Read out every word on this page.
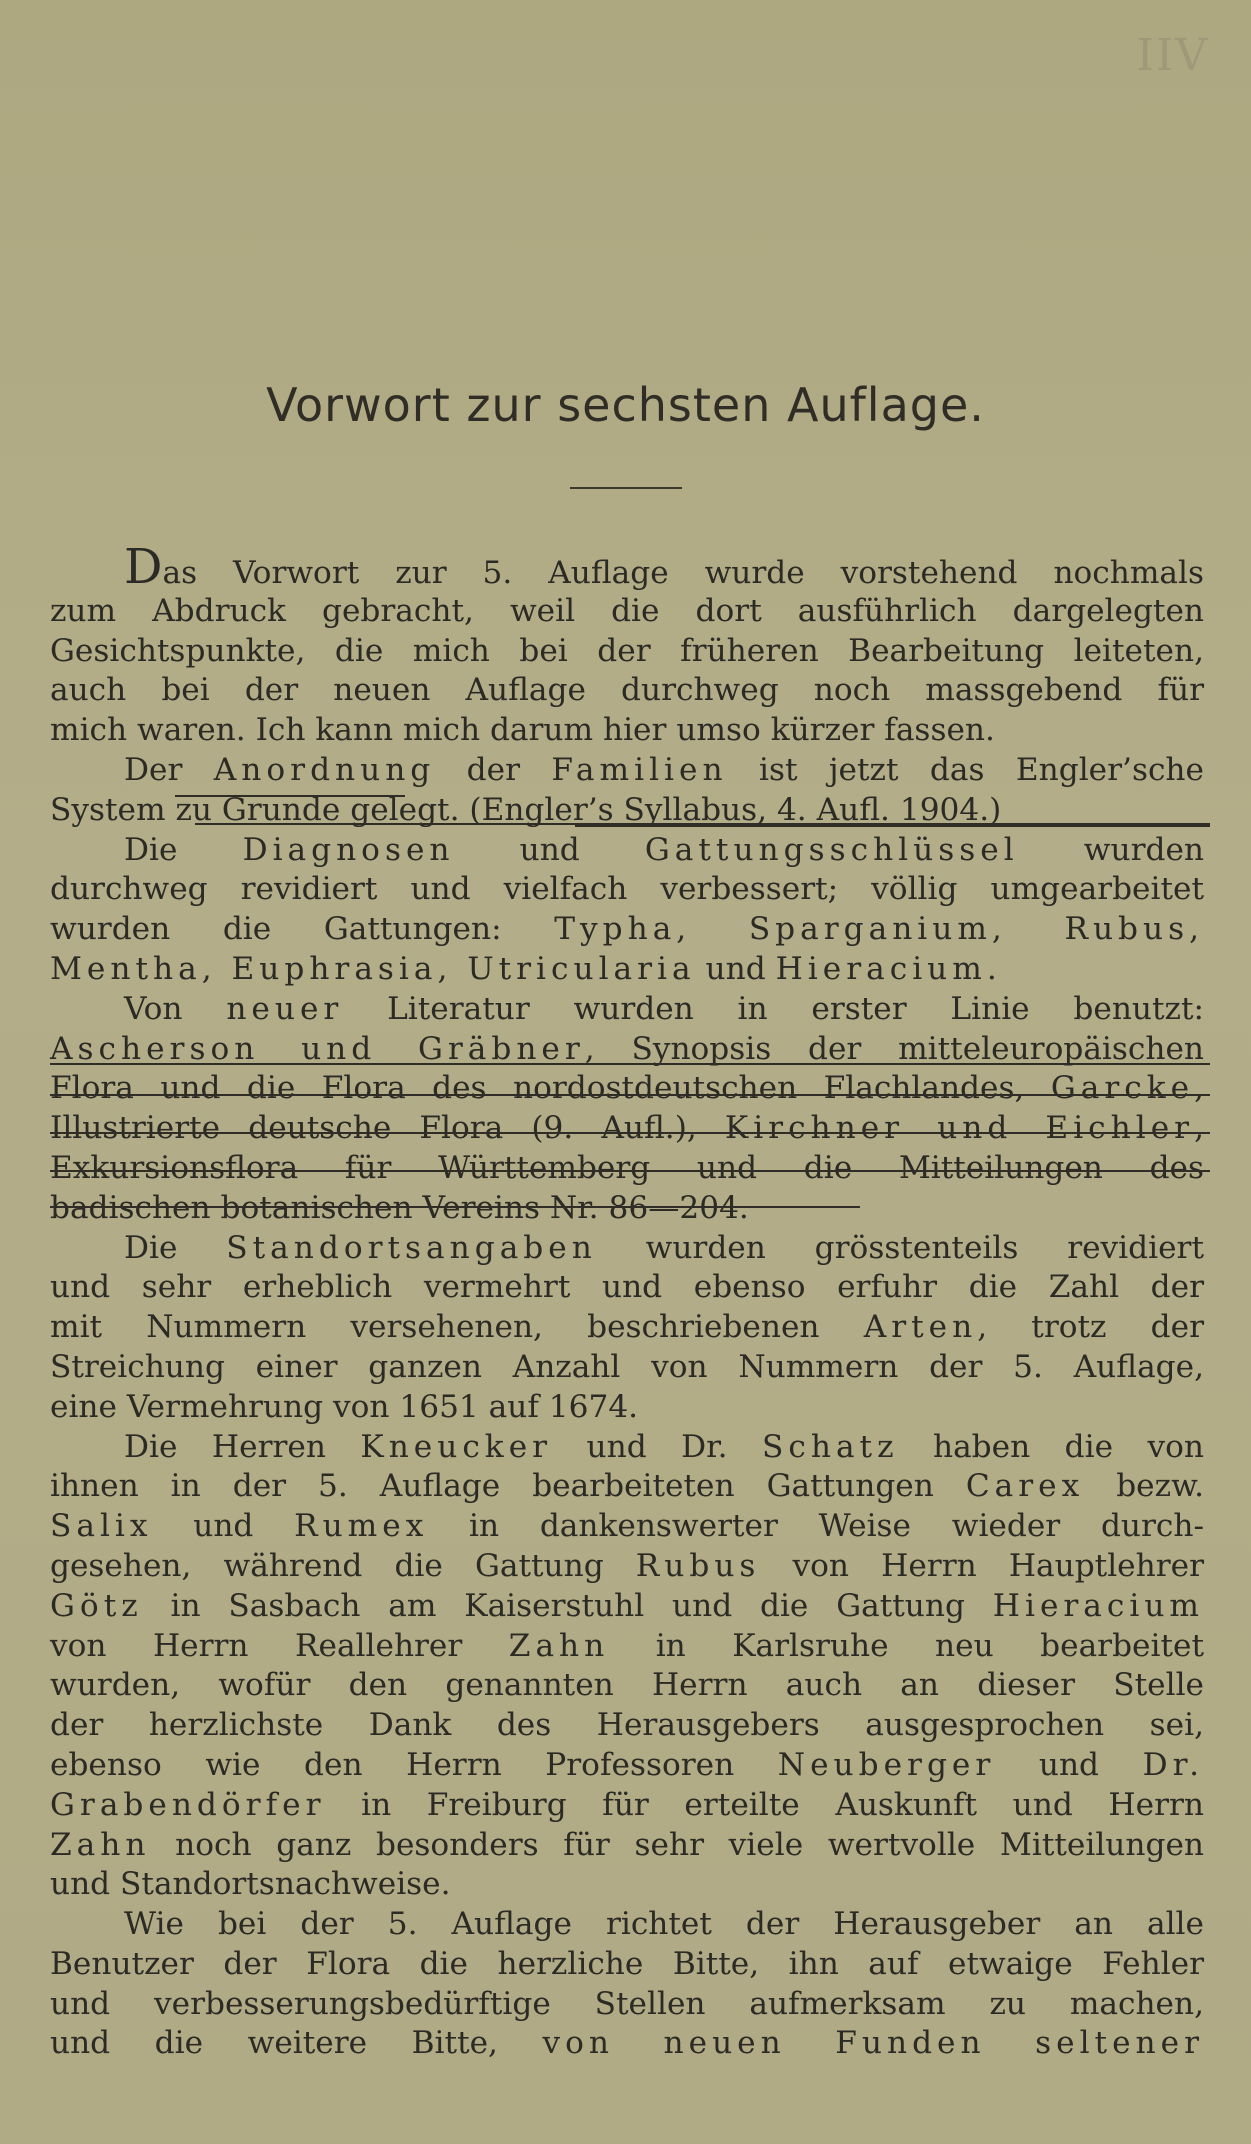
IIV
Vorwort zur sechsten Auflage.
Das Vorwort zur 5. Auflage wurde vorstehend nochmals
zum Abdruck gebracht, weil die dort ausführlich dargelegten
Gesichtspunkte, die mich bei der früheren Bearbeitung leiteten,
auch bei der neuen Auflage durchweg noch massgebend für
mich waren. Ich kann mich darum hier umso kürzer fassen.
Der Anordnung der Familien ist jetzt das Engler’sche
System zu Grunde gelegt. (Engler’s Syllabus, 4. Aufl. 1904.)
Die Diagnosen und Gattungsschlüssel wurden
durchweg revidiert und vielfach verbessert; völlig umgearbeitet
wurden die Gattungen: Typha, Sparganium, Rubus,
Mentha, Euphrasia, Utricularia und Hieracium.
Von neuer Literatur wurden in erster Linie benutzt:
Ascherson und Gräbner, Synopsis der mitteleuropäischen
Flora und die Flora des nordostdeutschen Flachlandes, Garcke,
Illustrierte deutsche Flora (9. Aufl.), Kirchner und Eichler,
Exkursionsflora für Württemberg und die Mitteilungen des
badischen botanischen Vereins Nr. 86—204.
Die Standortsangaben wurden grösstenteils revidiert
und sehr erheblich vermehrt und ebenso erfuhr die Zahl der
mit Nummern versehenen, beschriebenen Arten, trotz der
Streichung einer ganzen Anzahl von Nummern der 5. Auflage,
eine Vermehrung von 1651 auf 1674.
Die Herren Kneucker und Dr. Schatz haben die von
ihnen in der 5. Auflage bearbeiteten Gattungen Carex bezw.
Salix und Rumex in dankenswerter Weise wieder durch-
gesehen, während die Gattung Rubus von Herrn Hauptlehrer
Götz in Sasbach am Kaiserstuhl und die Gattung Hieracium
von Herrn Reallehrer Zahn in Karlsruhe neu bearbeitet
wurden, wofür den genannten Herrn auch an dieser Stelle
der herzlichste Dank des Herausgebers ausgesprochen sei,
ebenso wie den Herrn Professoren Neuberger und Dr.
Grabendörfer in Freiburg für erteilte Auskunft und Herrn
Zahn noch ganz besonders für sehr viele wertvolle Mitteilungen
und Standortsnachweise.
Wie bei der 5. Auflage richtet der Herausgeber an alle
Benutzer der Flora die herzliche Bitte, ihn auf etwaige Fehler
und verbesserungsbedürftige Stellen aufmerksam zu machen,
und die weitere Bitte, von neuen Funden seltener
